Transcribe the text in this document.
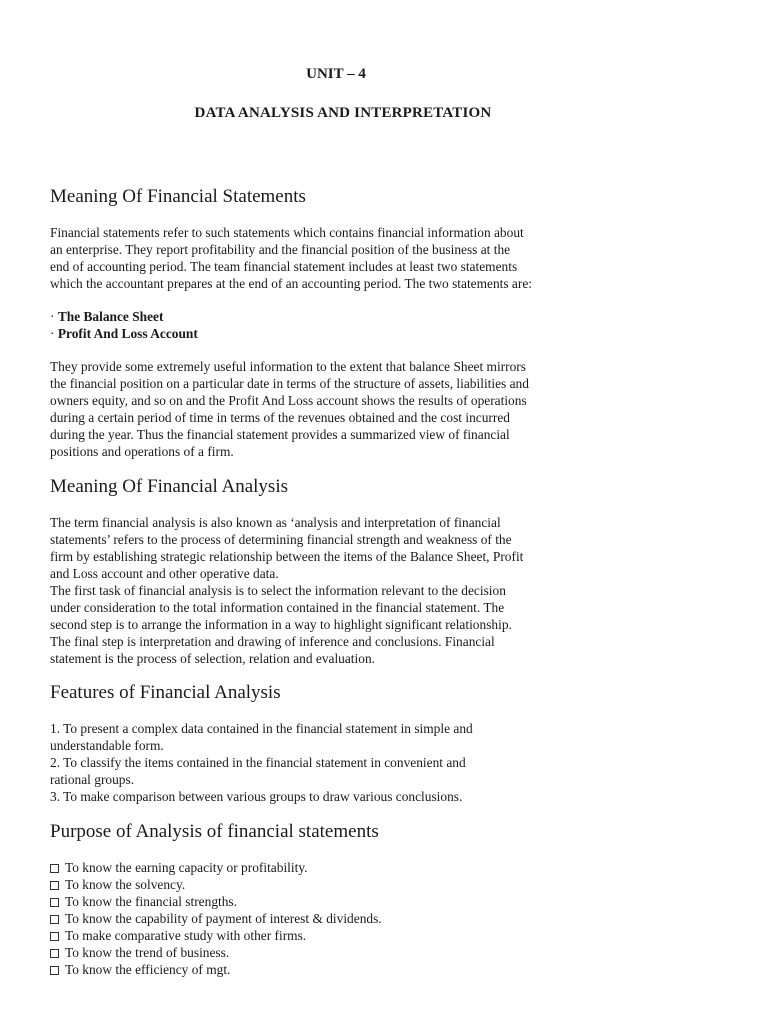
UNIT – 4
DATA ANALYSIS AND INTERPRETATION
Meaning Of Financial Statements
Financial statements refer to such statements which contains financial information about
an enterprise. They report profitability and the financial position of the business at the
end of accounting period. The team financial statement includes at least two statements
which the accountant prepares at the end of an accounting period. The two statements are:
· The Balance Sheet
· Profit And Loss Account
They provide some extremely useful information to the extent that balance Sheet mirrors
the financial position on a particular date in terms of the structure of assets, liabilities and
owners equity, and so on and the Profit And Loss account shows the results of operations
during a certain period of time in terms of the revenues obtained and the cost incurred
during the year. Thus the financial statement provides a summarized view of financial
positions and operations of a firm.
Meaning Of Financial Analysis
The term financial analysis is also known as ‘analysis and interpretation of financial
statements’ refers to the process of determining financial strength and weakness of the
firm by establishing strategic relationship between the items of the Balance Sheet, Profit
and Loss account and other operative data.
The first task of financial analysis is to select the information relevant to the decision
under consideration to the total information contained in the financial statement. The
second step is to arrange the information in a way to highlight significant relationship.
The final step is interpretation and drawing of inference and conclusions. Financial
statement is the process of selection, relation and evaluation.
Features of Financial Analysis
1. To present a complex data contained in the financial statement in simple and
understandable form.
2. To classify the items contained in the financial statement in convenient and
rational groups.
3. To make comparison between various groups to draw various conclusions.
Purpose of Analysis of financial statements
To know the earning capacity or profitability.
To know the solvency.
To know the financial strengths.
To know the capability of payment of interest & dividends.
To make comparative study with other firms.
To know the trend of business.
To know the efficiency of mgt.
